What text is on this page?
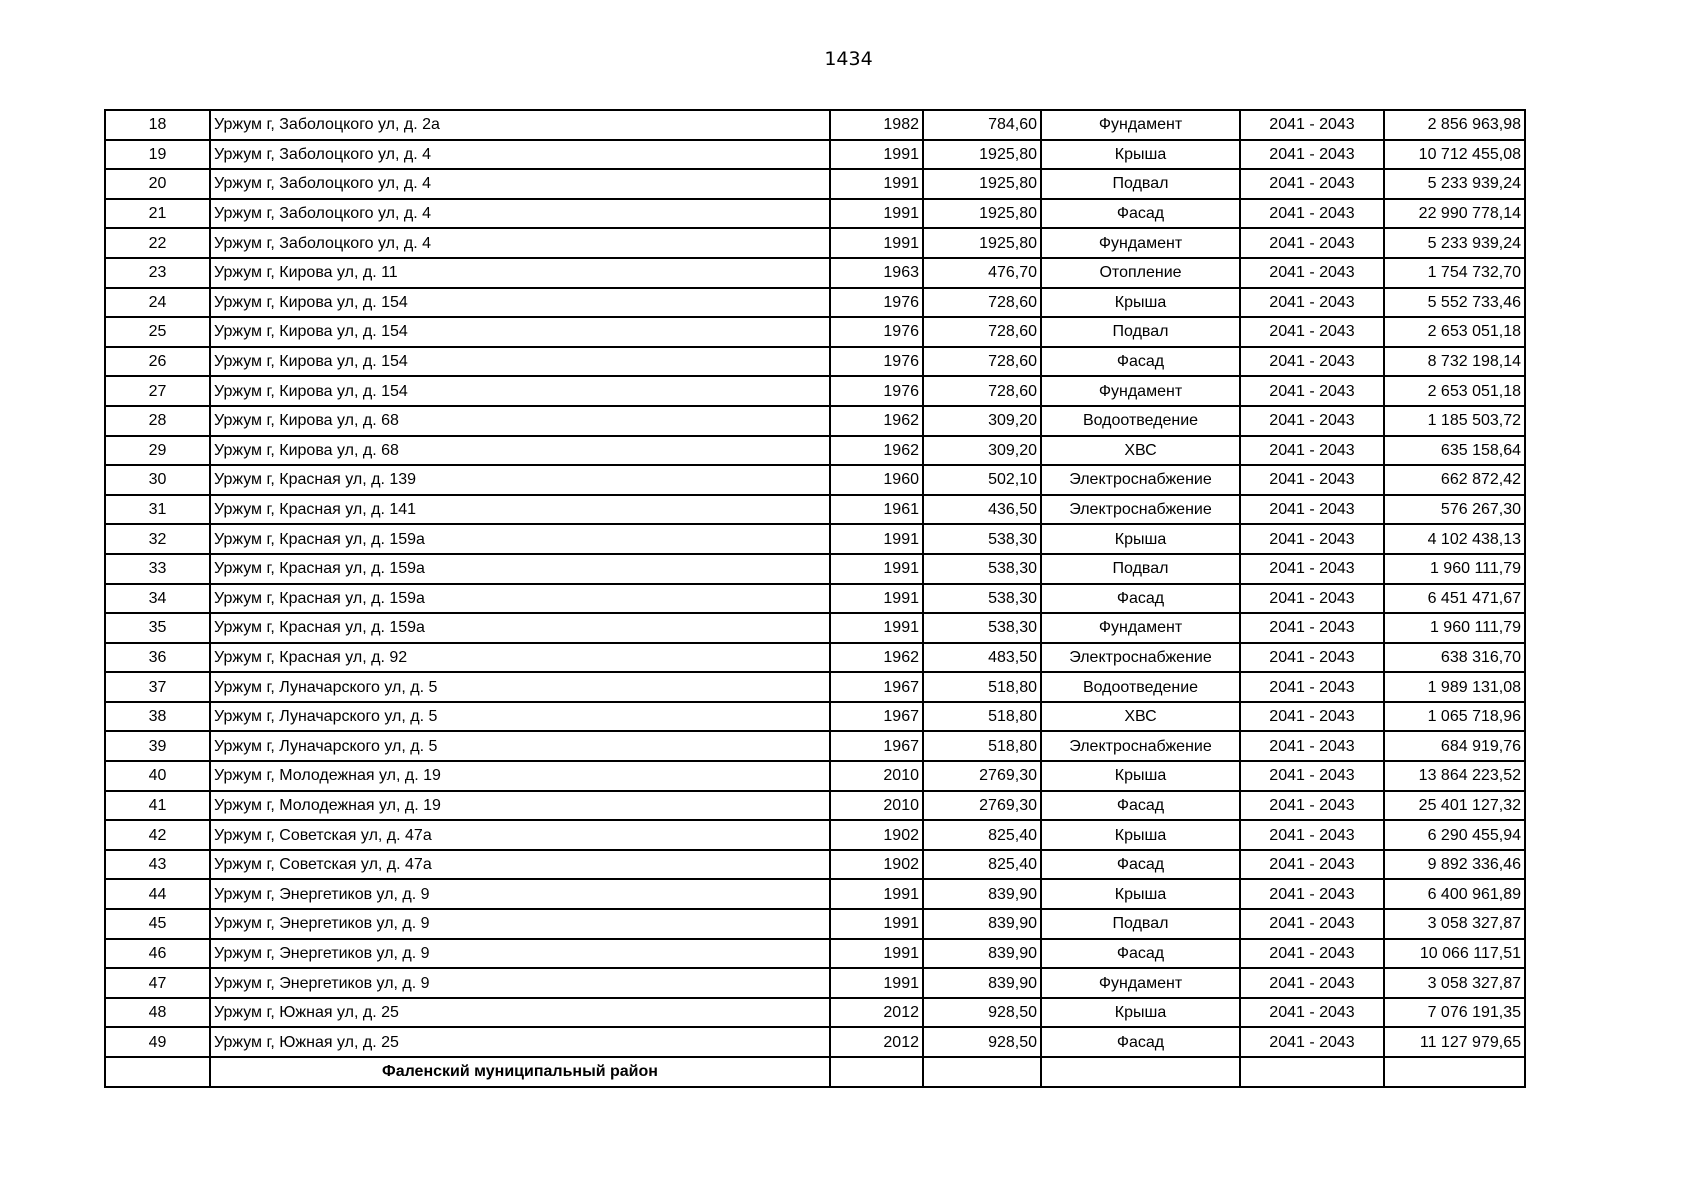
1434
18	Уржум г, Заболоцкого ул, д. 2а	1982	784,60	Фундамент	2041 - 2043	2 856 963,98
19	Уржум г, Заболоцкого ул, д. 4	1991	1925,80	Крыша	2041 - 2043	10 712 455,08
20	Уржум г, Заболоцкого ул, д. 4	1991	1925,80	Подвал	2041 - 2043	5 233 939,24
21	Уржум г, Заболоцкого ул, д. 4	1991	1925,80	Фасад	2041 - 2043	22 990 778,14
22	Уржум г, Заболоцкого ул, д. 4	1991	1925,80	Фундамент	2041 - 2043	5 233 939,24
23	Уржум г, Кирова ул, д. 11	1963	476,70	Отопление	2041 - 2043	1 754 732,70
24	Уржум г, Кирова ул, д. 154	1976	728,60	Крыша	2041 - 2043	5 552 733,46
25	Уржум г, Кирова ул, д. 154	1976	728,60	Подвал	2041 - 2043	2 653 051,18
26	Уржум г, Кирова ул, д. 154	1976	728,60	Фасад	2041 - 2043	8 732 198,14
27	Уржум г, Кирова ул, д. 154	1976	728,60	Фундамент	2041 - 2043	2 653 051,18
28	Уржум г, Кирова ул, д. 68	1962	309,20	Водоотведение	2041 - 2043	1 185 503,72
29	Уржум г, Кирова ул, д. 68	1962	309,20	ХВС	2041 - 2043	635 158,64
30	Уржум г, Красная ул, д. 139	1960	502,10	Электроснабжение	2041 - 2043	662 872,42
31	Уржум г, Красная ул, д. 141	1961	436,50	Электроснабжение	2041 - 2043	576 267,30
32	Уржум г, Красная ул, д. 159а	1991	538,30	Крыша	2041 - 2043	4 102 438,13
33	Уржум г, Красная ул, д. 159а	1991	538,30	Подвал	2041 - 2043	1 960 111,79
34	Уржум г, Красная ул, д. 159а	1991	538,30	Фасад	2041 - 2043	6 451 471,67
35	Уржум г, Красная ул, д. 159а	1991	538,30	Фундамент	2041 - 2043	1 960 111,79
36	Уржум г, Красная ул, д. 92	1962	483,50	Электроснабжение	2041 - 2043	638 316,70
37	Уржум г, Луначарского ул, д. 5	1967	518,80	Водоотведение	2041 - 2043	1 989 131,08
38	Уржум г, Луначарского ул, д. 5	1967	518,80	ХВС	2041 - 2043	1 065 718,96
39	Уржум г, Луначарского ул, д. 5	1967	518,80	Электроснабжение	2041 - 2043	684 919,76
40	Уржум г, Молодежная ул, д. 19	2010	2769,30	Крыша	2041 - 2043	13 864 223,52
41	Уржум г, Молодежная ул, д. 19	2010	2769,30	Фасад	2041 - 2043	25 401 127,32
42	Уржум г, Советская ул, д. 47а	1902	825,40	Крыша	2041 - 2043	6 290 455,94
43	Уржум г, Советская ул, д. 47а	1902	825,40	Фасад	2041 - 2043	9 892 336,46
44	Уржум г, Энергетиков ул, д. 9	1991	839,90	Крыша	2041 - 2043	6 400 961,89
45	Уржум г, Энергетиков ул, д. 9	1991	839,90	Подвал	2041 - 2043	3 058 327,87
46	Уржум г, Энергетиков ул, д. 9	1991	839,90	Фасад	2041 - 2043	10 066 117,51
47	Уржум г, Энергетиков ул, д. 9	1991	839,90	Фундамент	2041 - 2043	3 058 327,87
48	Уржум г, Южная ул, д. 25	2012	928,50	Крыша	2041 - 2043	7 076 191,35
49	Уржум г, Южная ул, д. 25	2012	928,50	Фасад	2041 - 2043	11 127 979,65
	Фаленский муниципальный район					
